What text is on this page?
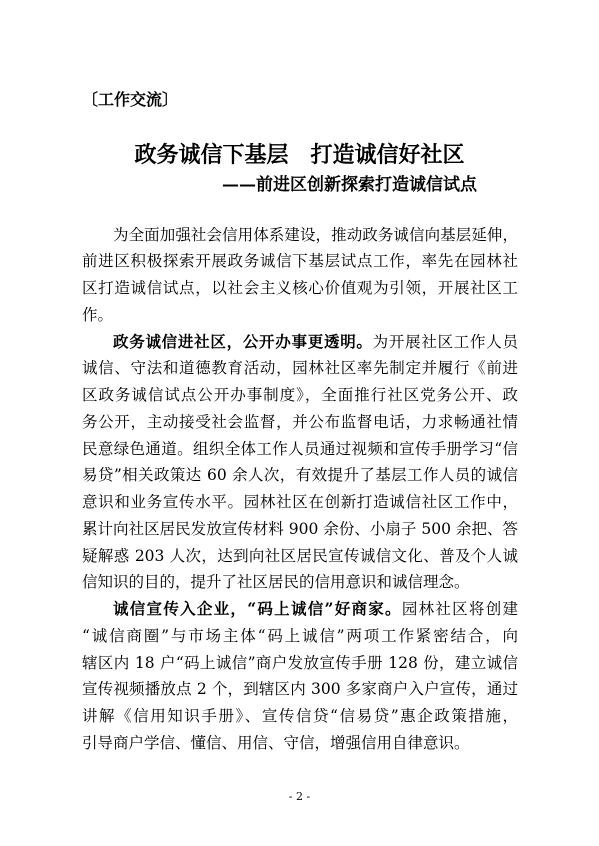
〔工作交流〕
政务诚信下基层　打造诚信好社区
——前进区创新探索打造诚信试点
为全面加强社会信用体系建设，推动政务诚信向基层延伸，
前进区积极探索开展政务诚信下基层试点工作，率先在园林社
区打造诚信试点，以社会主义核心价值观为引领，开展社区工
作。
政务诚信进社区，公开办事更透明。为开展社区工作人员
诚信、守法和道德教育活动，园林社区率先制定并履行《前进
区政务诚信试点公开办事制度》，全面推行社区党务公开、政
务公开，主动接受社会监督，并公布监督电话，力求畅通社情
民意绿色通道。组织全体工作人员通过视频和宣传手册学习“信
易贷”相关政策达 60 余人次，有效提升了基层工作人员的诚信
意识和业务宣传水平。园林社区在创新打造诚信社区工作中，
累计向社区居民发放宣传材料 900 余份、小扇子 500 余把、答
疑解惑 203 人次，达到向社区居民宣传诚信文化、普及个人诚
信知识的目的，提升了社区居民的信用意识和诚信理念。
诚信宣传入企业，“码上诚信”好商家。园林社区将创建
“诚信商圈”与市场主体“码上诚信”两项工作紧密结合，向
辖区内 18 户“码上诚信”商户发放宣传手册 128 份，建立诚信
宣传视频播放点 2 个，到辖区内 300 多家商户入户宣传，通过
讲解《信用知识手册》、宣传信贷“信易贷”惠企政策措施，
引导商户学信、懂信、用信、守信，增强信用自律意识。
- 2 -
